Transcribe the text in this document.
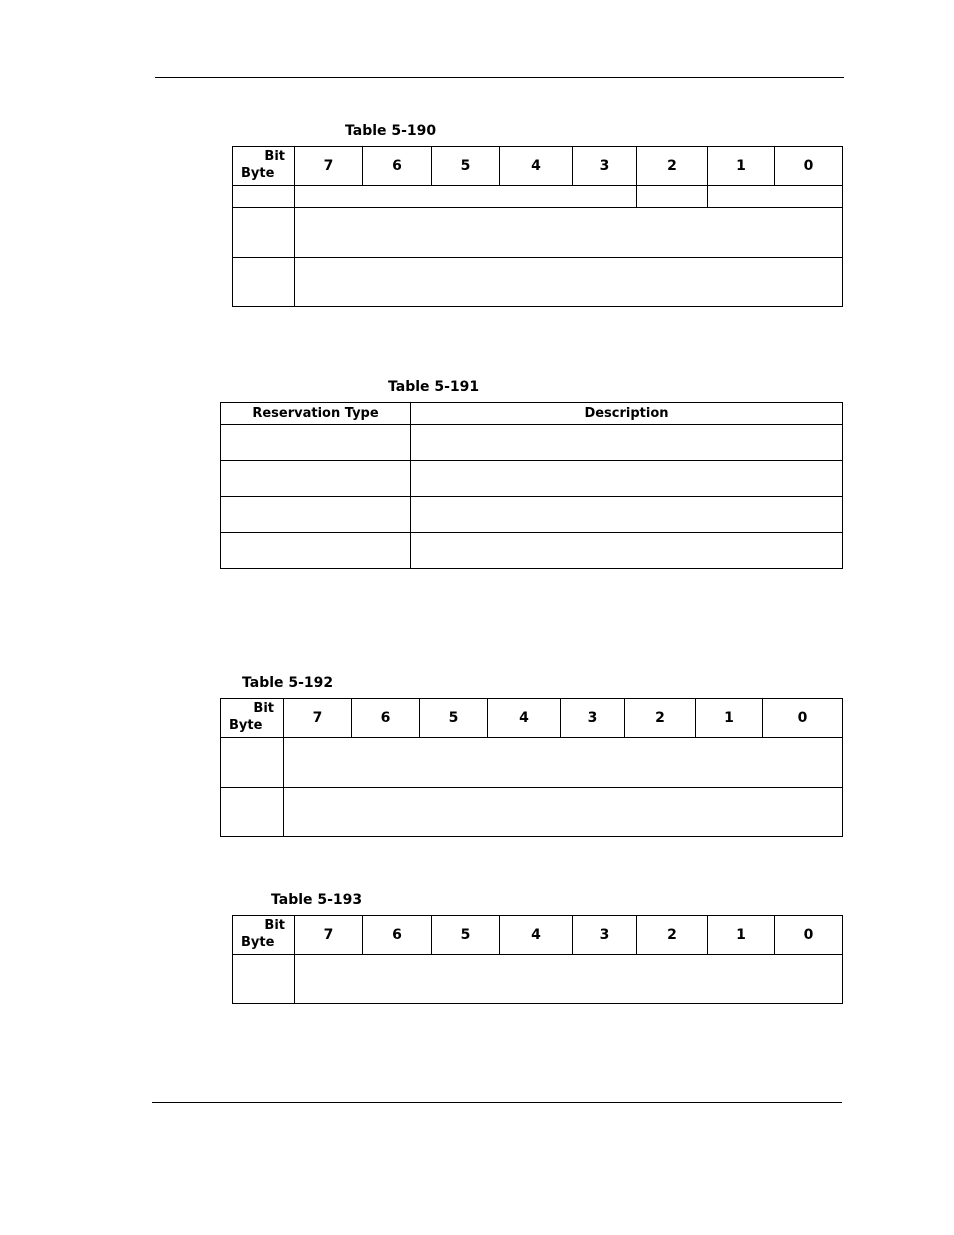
Table 5-190
Bit
Byte	7	6	5	4	3	2	1	0

Table 5-191
Reservation Type	Description

Table 5-192
Bit
Byte	7	6	5	4	3	2	1	0

Table 5-193
Bit
Byte	7	6	5	4	3	2	1	0
